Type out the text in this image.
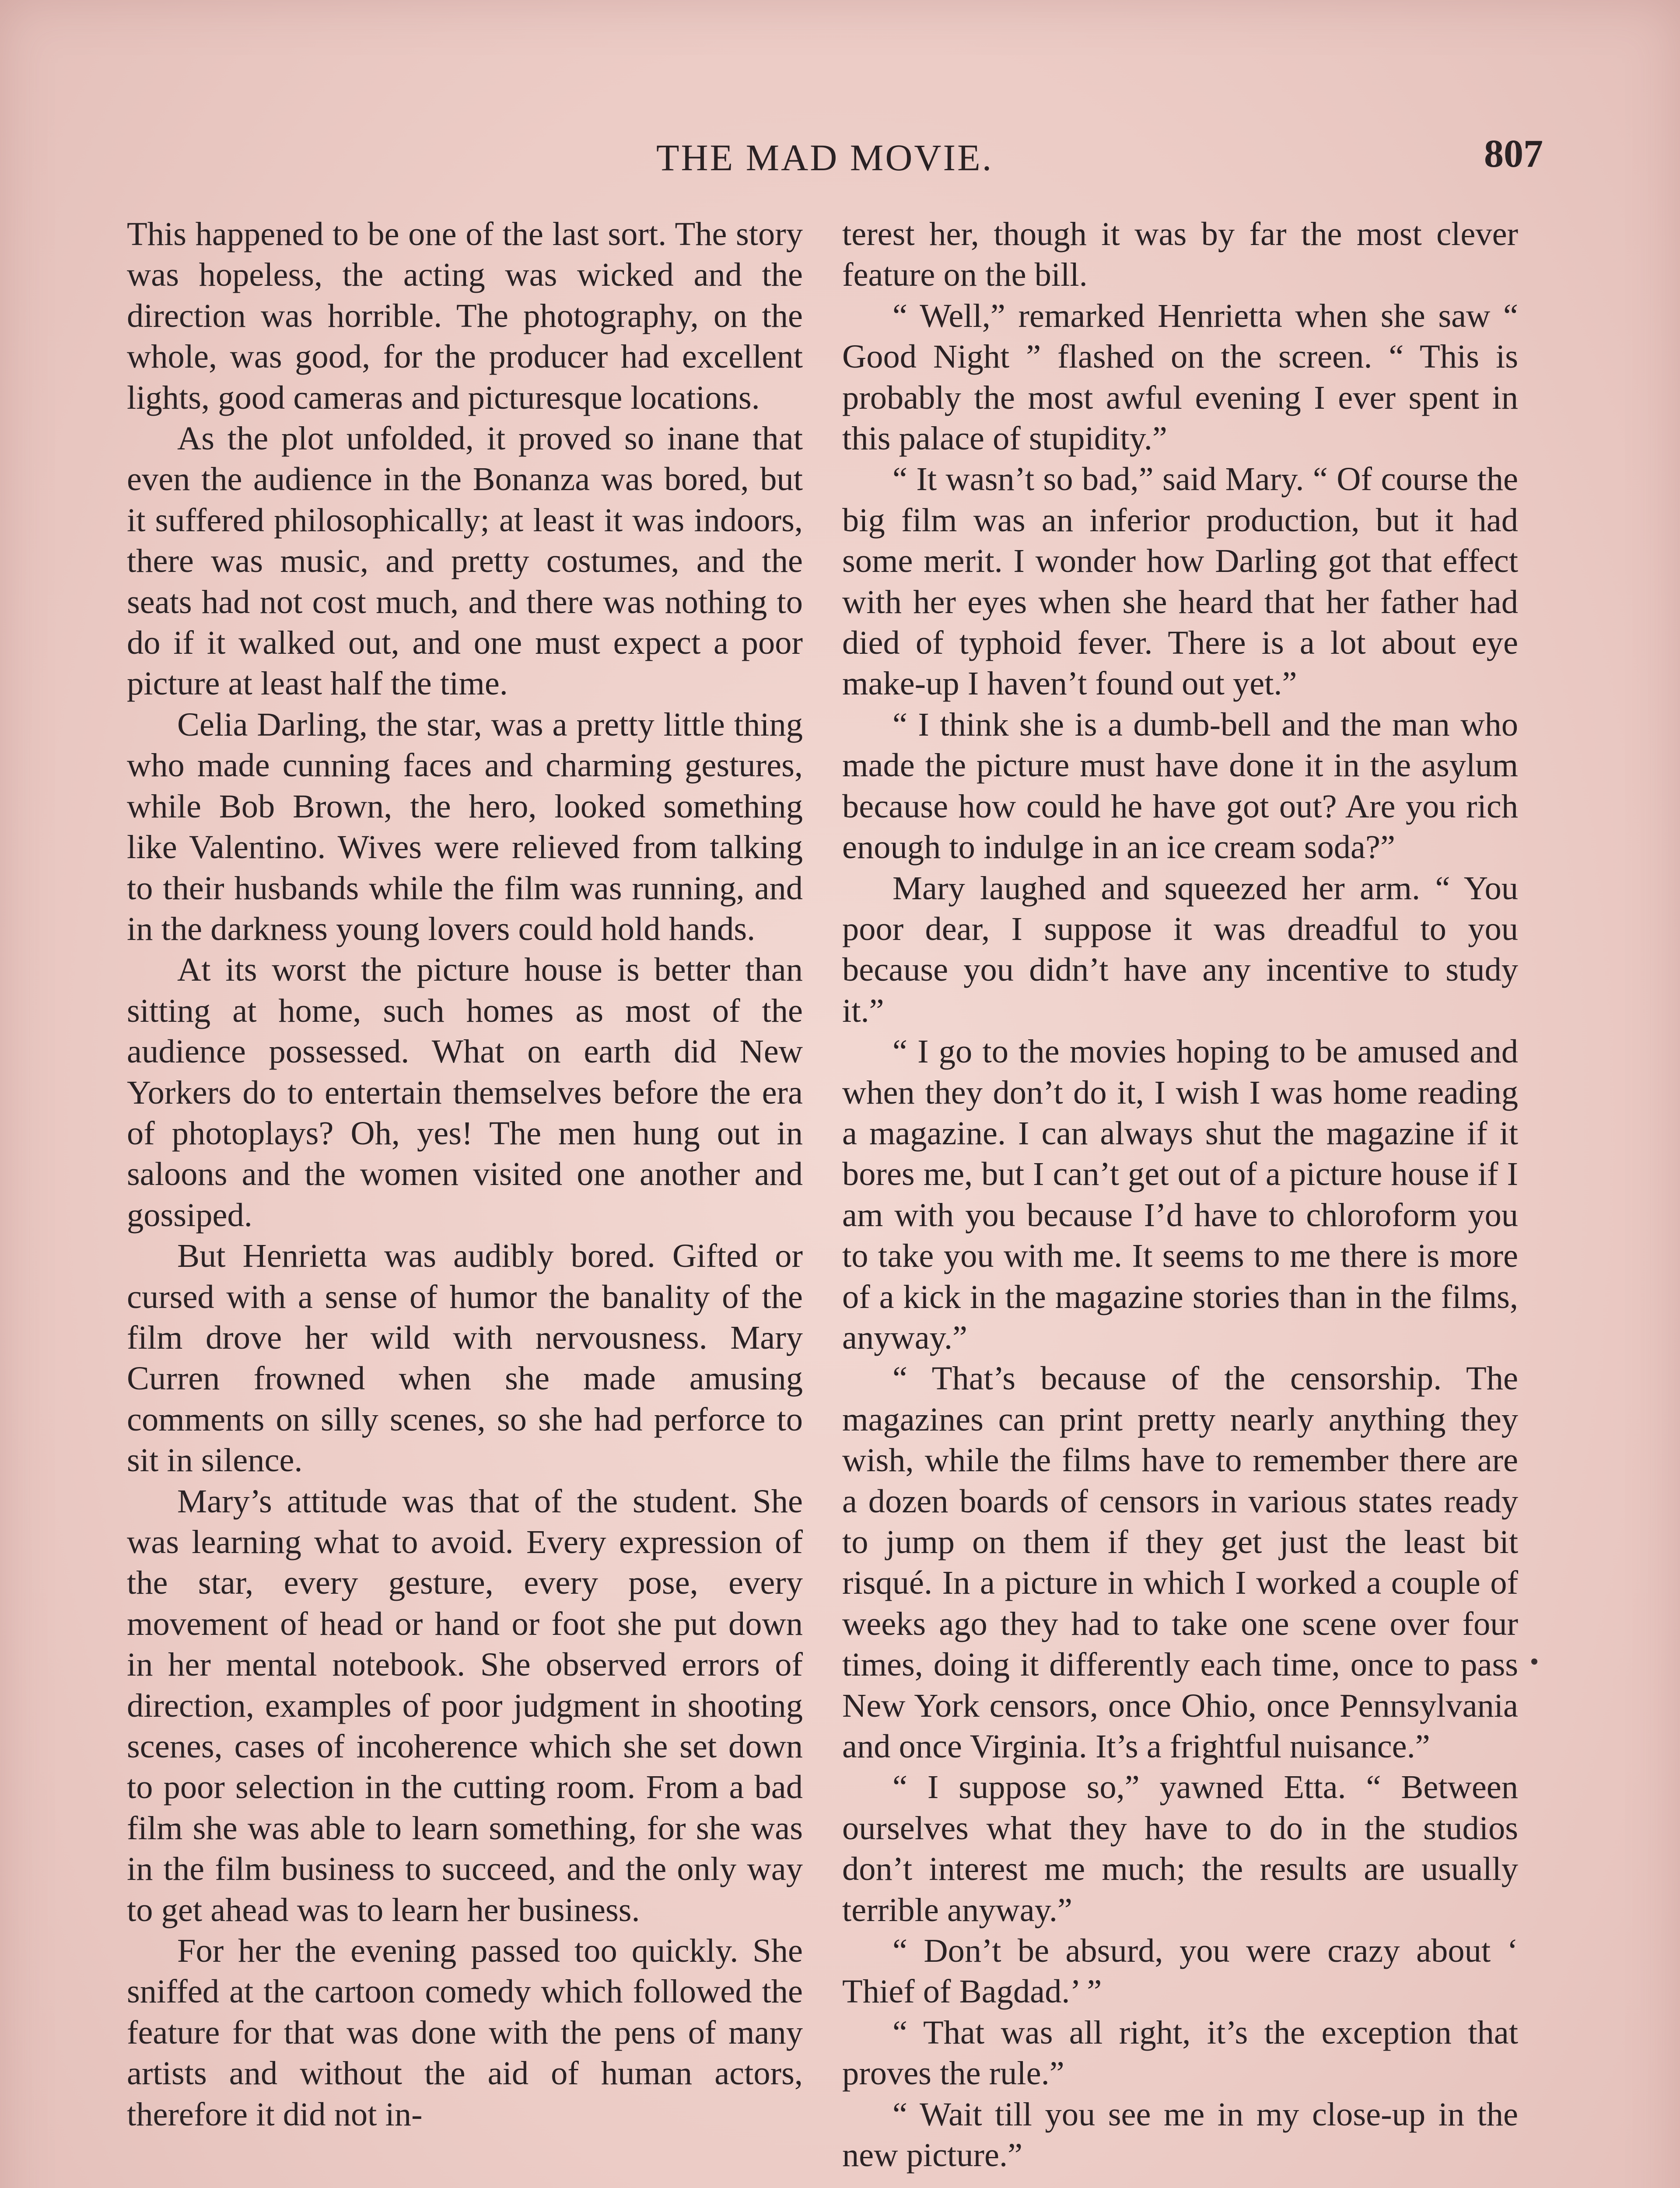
THE MAD MOVIE.	807

This happened to be one of the last sort. The story was hopeless, the acting was wicked and the direction was horrible. The photography, on the whole, was good, for the producer had excellent lights, good cameras and picturesque locations.

As the plot unfolded, it proved so inane that even the audience in the Bonanza was bored, but it suffered philosophically; at least it was indoors, there was music, and pretty costumes, and the seats had not cost much, and there was nothing to do if it walked out, and one must expect a poor picture at least half the time.

Celia Darling, the star, was a pretty little thing who made cunning faces and charming gestures, while Bob Brown, the hero, looked something like Valentino. Wives were relieved from talking to their husbands while the film was running, and in the darkness young lovers could hold hands.

At its worst the picture house is better than sitting at home, such homes as most of the audience possessed. What on earth did New Yorkers do to entertain themselves before the era of photoplays? Oh, yes! The men hung out in saloons and the women visited one another and gossiped.

But Henrietta was audibly bored. Gifted or cursed with a sense of humor the banality of the film drove her wild with nervousness. Mary Curren frowned when she made amusing comments on silly scenes, so she had perforce to sit in silence.

Mary’s attitude was that of the student. She was learning what to avoid. Every expression of the star, every gesture, every pose, every movement of head or hand or foot she put down in her mental notebook. She observed errors of direction, examples of poor judgment in shooting scenes, cases of incoherence which she set down to poor selection in the cutting room. From a bad film she was able to learn something, for she was in the film business to succeed, and the only way to get ahead was to learn her business.

For her the evening passed too quickly. She sniffed at the cartoon comedy which followed the feature for that was done with the pens of many artists and without the aid of human actors, therefore it did not in-

terest her, though it was by far the most clever feature on the bill.

“ Well,” remarked Henrietta when she saw “ Good Night ” flashed on the screen. “ This is probably the most awful evening I ever spent in this palace of stupidity.”

“ It wasn’t so bad,” said Mary. “ Of course the big film was an inferior production, but it had some merit. I wonder how Darling got that effect with her eyes when she heard that her father had died of typhoid fever. There is a lot about eye make-up I haven’t found out yet.”

“ I think she is a dumb-bell and the man who made the picture must have done it in the asylum because how could he have got out? Are you rich enough to indulge in an ice cream soda?”

Mary laughed and squeezed her arm. “ You poor dear, I suppose it was dreadful to you because you didn’t have any incentive to study it.”

“ I go to the movies hoping to be amused and when they don’t do it, I wish I was home reading a magazine. I can always shut the magazine if it bores me, but I can’t get out of a picture house if I am with you because I’d have to chloroform you to take you with me. It seems to me there is more of a kick in the magazine stories than in the films, anyway.”

“ That’s because of the censorship. The magazines can print pretty nearly anything they wish, while the films have to remember there are a dozen boards of censors in various states ready to jump on them if they get just the least bit risqué. In a picture in which I worked a couple of weeks ago they had to take one scene over four times, doing it differently each time, once to pass New York censors, once Ohio, once Pennsylvania and once Virginia. It’s a frightful nuisance.”

“ I suppose so,” yawned Etta. “ Between ourselves what they have to do in the studios don’t interest me much; the results are usually terrible anyway.”

“ Don’t be absurd, you were crazy about ‘ Thief of Bagdad.’ ”

“ That was all right, it’s the exception that proves the rule.”

“ Wait till you see me in my close-up in the new picture.”
